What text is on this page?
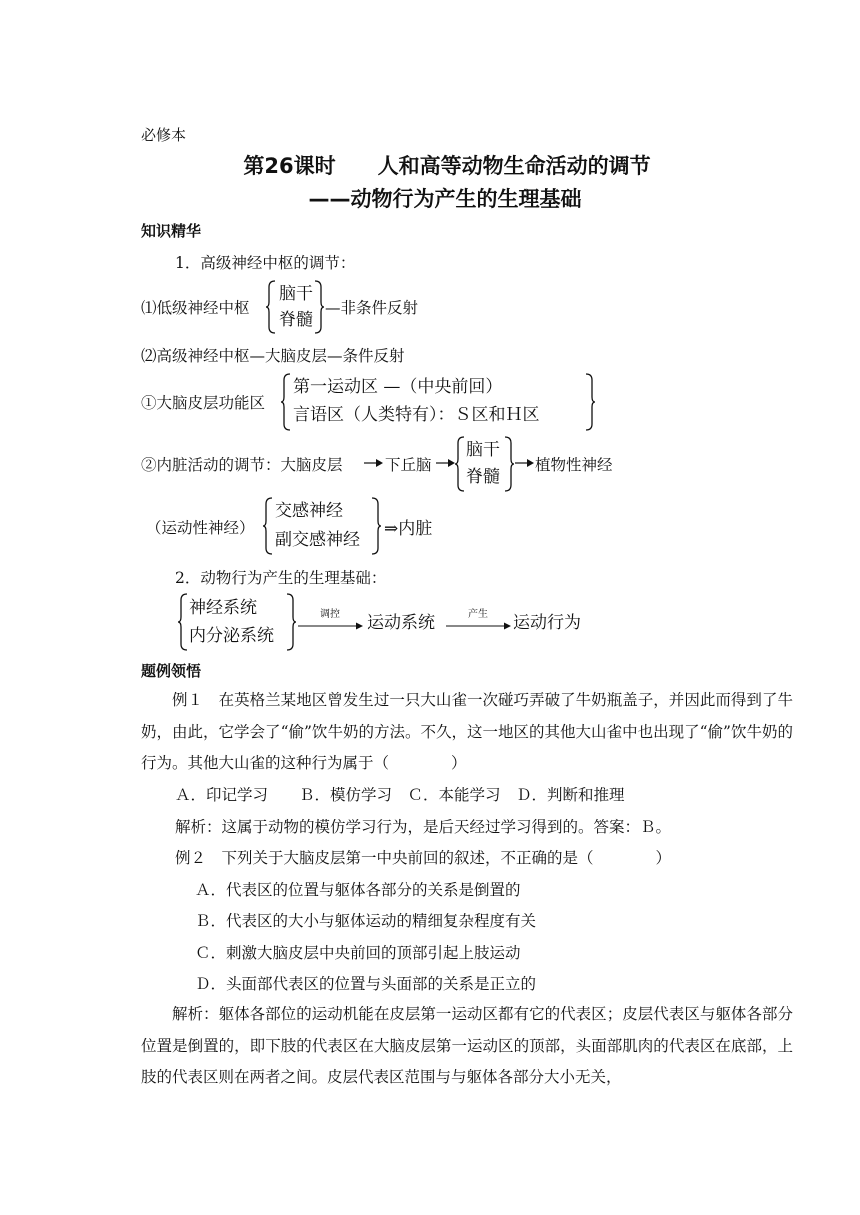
必修本
第26课时　　人和高等动物生命活动的调节
——动物行为产生的生理基础
知识精华
1．高级神经中枢的调节：
⑴低级神经中枢
脑干
脊髓
—非条件反射
⑵高级神经中枢—大脑皮层—条件反射
①大脑皮层功能区
第一运动区 —（中央前回）
言语区（人类特有）：Ｓ区和Ｈ区
②内脏活动的调节：大脑皮层	下丘脑
脑干
脊髓
植物性神经
（运动性神经）
交感神经
副交感神经
⇒内脏
2．动物行为产生的生理基础：
神经系统
内分泌系统
调控 运动系统	产生 运动行为
题例领悟
例１　在英格兰某地区曾发生过一只大山雀一次碰巧弄破了牛奶瓶盖子，并因此而得到了牛奶，由此，它学会了“偷”饮牛奶的方法。不久，这一地区的其他大山雀中也出现了“偷”饮牛奶的行为。其他大山雀的这种行为属于（　　　　）
Ａ．印记学习　　Ｂ．模仿学习　Ｃ．本能学习　Ｄ．判断和推理
解析：这属于动物的模仿学习行为，是后天经过学习得到的。答案：Ｂ。
例２　下列关于大脑皮层第一中央前回的叙述，不正确的是（　　　　）
Ａ．代表区的位置与躯体各部分的关系是倒置的
Ｂ．代表区的大小与躯体运动的精细复杂程度有关
Ｃ．刺激大脑皮层中央前回的顶部引起上肢运动
Ｄ．头面部代表区的位置与头面部的关系是正立的
解析：躯体各部位的运动机能在皮层第一运动区都有它的代表区；皮层代表区与躯体各部分位置是倒置的，即下肢的代表区在大脑皮层第一运动区的顶部，头面部肌肉的代表区在底部，上肢的代表区则在两者之间。皮层代表区范围与与躯体各部分大小无关，
